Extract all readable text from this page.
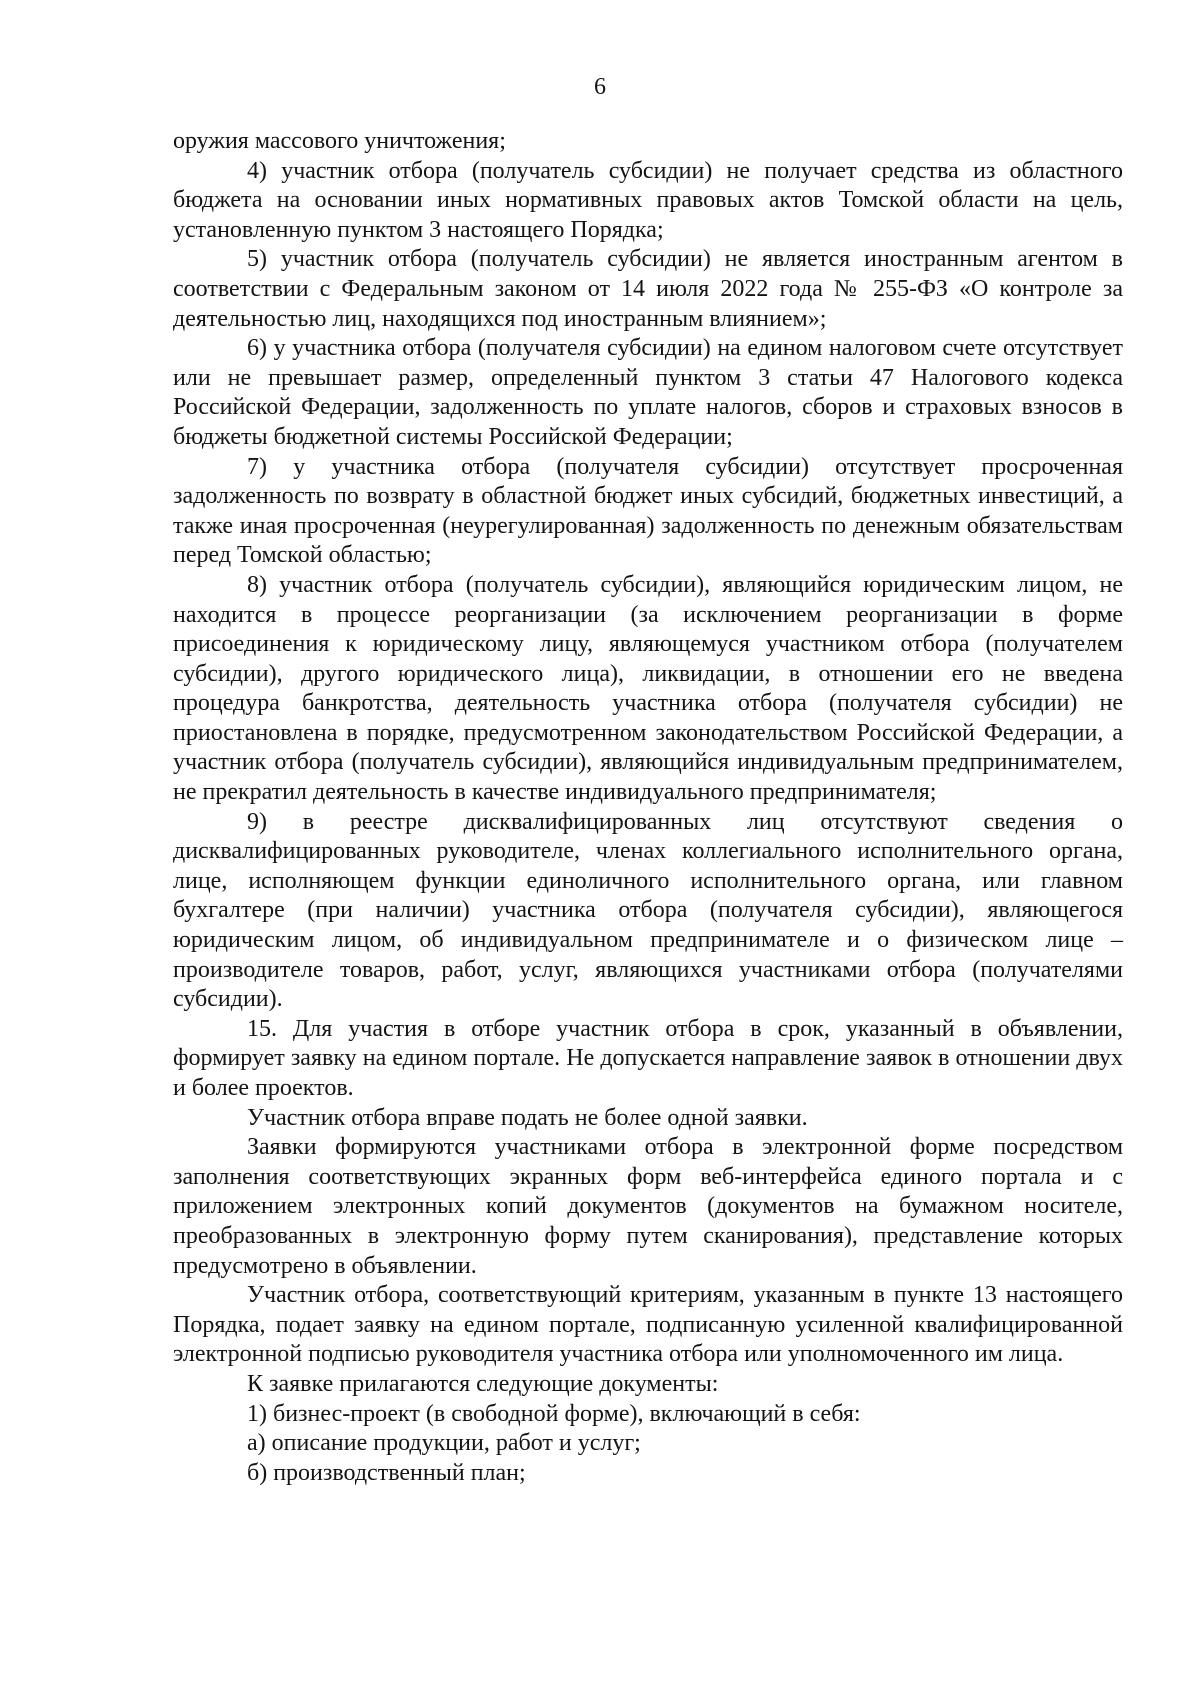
6

оружия массового уничтожения;

4) участник отбора (получатель субсидии) не получает средства из областного бюджета на основании иных нормативных правовых актов Томской области на цель, установленную пунктом 3 настоящего Порядка;

5) участник отбора (получатель субсидии) не является иностранным агентом в соответствии с Федеральным законом от 14 июля 2022 года № 255-ФЗ «О контроле за деятельностью лиц, находящихся под иностранным влиянием»;

6) у участника отбора (получателя субсидии) на едином налоговом счете отсутствует или не превышает размер, определенный пунктом 3 статьи 47 Налогового кодекса Российской Федерации, задолженность по уплате налогов, сборов и страховых взносов в бюджеты бюджетной системы Российской Федерации;

7) у участника отбора (получателя субсидии) отсутствует просроченная задолженность по возврату в областной бюджет иных субсидий, бюджетных инвестиций, а также иная просроченная (неурегулированная) задолженность по денежным обязательствам перед Томской областью;

8) участник отбора (получатель субсидии), являющийся юридическим лицом, не находится в процессе реорганизации (за исключением реорганизации в форме присоединения к юридическому лицу, являющемуся участником отбора (получателем субсидии), другого юридического лица), ликвидации, в отношении его не введена процедура банкротства, деятельность участника отбора (получателя субсидии) не приостановлена в порядке, предусмотренном законодательством Российской Федерации, а участник отбора (получатель субсидии), являющийся индивидуальным предпринимателем, не прекратил деятельность в качестве индивидуального предпринимателя;

9) в реестре дисквалифицированных лиц отсутствуют сведения о дисквалифицированных руководителе, членах коллегиального исполнительного органа, лице, исполняющем функции единоличного исполнительного органа, или главном бухгалтере (при наличии) участника отбора (получателя субсидии), являющегося юридическим лицом, об индивидуальном предпринимателе и о физическом лице – производителе товаров, работ, услуг, являющихся участниками отбора (получателями субсидии).

15. Для участия в отборе участник отбора в срок, указанный в объявлении, формирует заявку на едином портале. Не допускается направление заявок в отношении двух и более проектов.

Участник отбора вправе подать не более одной заявки.

Заявки формируются участниками отбора в электронной форме посредством заполнения соответствующих экранных форм веб-интерфейса единого портала и с приложением электронных копий документов (документов на бумажном носителе, преобразованных в электронную форму путем сканирования), представление которых предусмотрено в объявлении.

Участник отбора, соответствующий критериям, указанным в пункте 13 настоящего Порядка, подает заявку на едином портале, подписанную усиленной квалифицированной электронной подписью руководителя участника отбора или уполномоченного им лица.

К заявке прилагаются следующие документы:

1) бизнес-проект (в свободной форме), включающий в себя:

а) описание продукции, работ и услуг;

б) производственный план;
